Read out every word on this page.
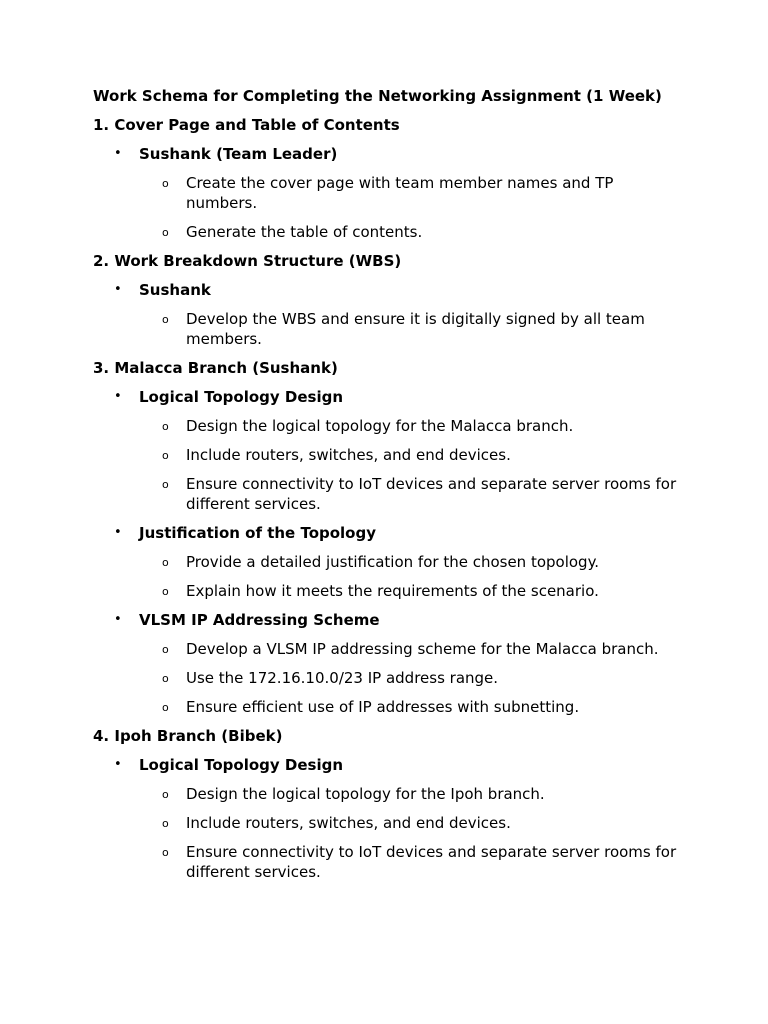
Work Schema for Completing the Networking Assignment (1 Week)
1. Cover Page and Table of Contents
• Sushank (Team Leader)
o Create the cover page with team member names and TP numbers.
o Generate the table of contents.
2. Work Breakdown Structure (WBS)
• Sushank
o Develop the WBS and ensure it is digitally signed by all team members.
3. Malacca Branch (Sushank)
• Logical Topology Design
o Design the logical topology for the Malacca branch.
o Include routers, switches, and end devices.
o Ensure connectivity to IoT devices and separate server rooms for different services.
• Justification of the Topology
o Provide a detailed justification for the chosen topology.
o Explain how it meets the requirements of the scenario.
• VLSM IP Addressing Scheme
o Develop a VLSM IP addressing scheme for the Malacca branch.
o Use the 172.16.10.0/23 IP address range.
o Ensure efficient use of IP addresses with subnetting.
4. Ipoh Branch (Bibek)
• Logical Topology Design
o Design the logical topology for the Ipoh branch.
o Include routers, switches, and end devices.
o Ensure connectivity to IoT devices and separate server rooms for different services.
